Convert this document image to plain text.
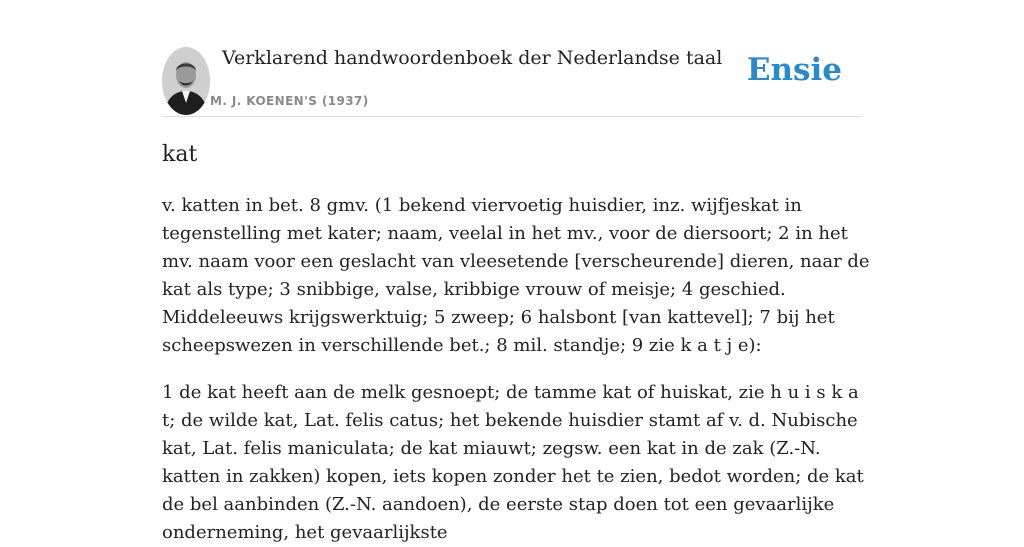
Verklarend handwoordenboek der Nederlandse taal
M. J. KOENEN'S (1937)
Ensie
kat

v. katten in bet. 8 gmv. (1 bekend viervoetig huisdier, inz. wijfjeskat in tegenstelling met kater; naam, veelal in het mv., voor de diersoort; 2 in het mv. naam voor een geslacht van vleesetende [verscheurende] dieren, naar de kat als type; 3 snibbige, valse, kribbige vrouw of meisje; 4 geschied. Middeleeuws krijgswerktuig; 5 zweep; 6 halsbont [van kattevel]; 7 bij het scheepswezen in verschillende bet.; 8 mil. standje; 9 zie k a t j e):

1 de kat heeft aan de melk gesnoept; de tamme kat of huiskat, zie h u i s k a t; de wilde kat, Lat. felis catus; het bekende huisdier stamt af v. d. Nubische kat, Lat. felis maniculata; de kat miauwt; zegsw. een kat in de zak (Z.-N. katten in zakken) kopen, iets kopen zonder het te zien, bedot worden; de kat de bel aanbinden (Z.-N. aandoen), de eerste stap doen tot een gevaarlijke onderneming, het gevaarlijkste
